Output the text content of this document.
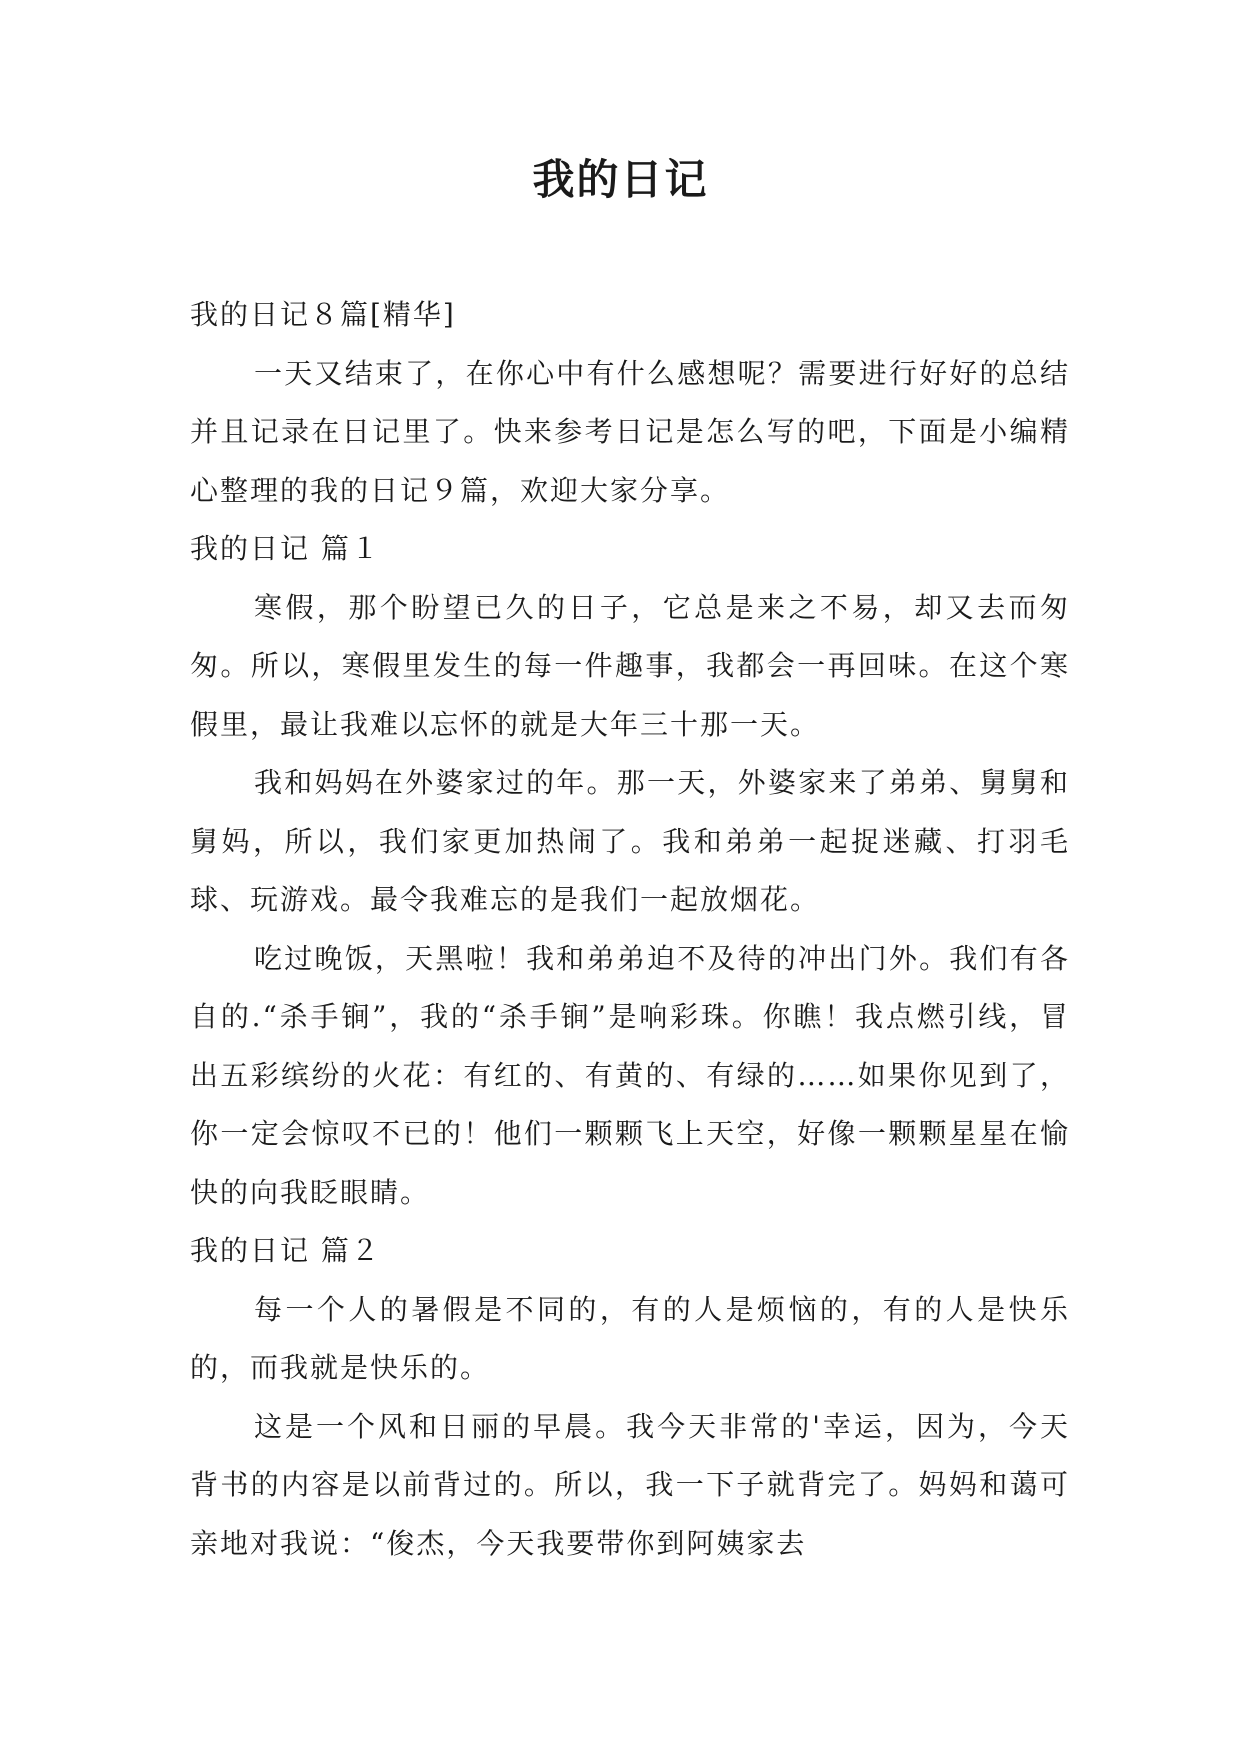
我的日记

我的日记８篇[精华]

一天又结束了，在你心中有什么感想呢？需要进行好好的总结并且记录在日记里了。快来参考日记是怎么写的吧，下面是小编精心整理的我的日记９篇，欢迎大家分享。

我的日记 篇１

寒假，那个盼望已久的日子，它总是来之不易，却又去而匆匆。所以，寒假里发生的每一件趣事，我都会一再回味。在这个寒假里，最让我难以忘怀的就是大年三十那一天。

我和妈妈在外婆家过的年。那一天，外婆家来了弟弟、舅舅和舅妈，所以，我们家更加热闹了。我和弟弟一起捉迷藏、打羽毛球、玩游戏。最令我难忘的是我们一起放烟花。

吃过晚饭，天黑啦！我和弟弟迫不及待的冲出门外。我们有各自的.“杀手锏”，我的“杀手锏”是响彩珠。你瞧！我点燃引线，冒出五彩缤纷的火花：有红的、有黄的、有绿的……如果你见到了，你一定会惊叹不已的！他们一颗颗飞上天空，好像一颗颗星星在愉快的向我眨眼睛。

我的日记 篇２

每一个人的暑假是不同的，有的人是烦恼的，有的人是快乐的，而我就是快乐的。

这是一个风和日丽的早晨。我今天非常的'幸运，因为，今天背书的内容是以前背过的。所以，我一下子就背完了。妈妈和蔼可亲地对我说：“俊杰，今天我要带你到阿姨家去
